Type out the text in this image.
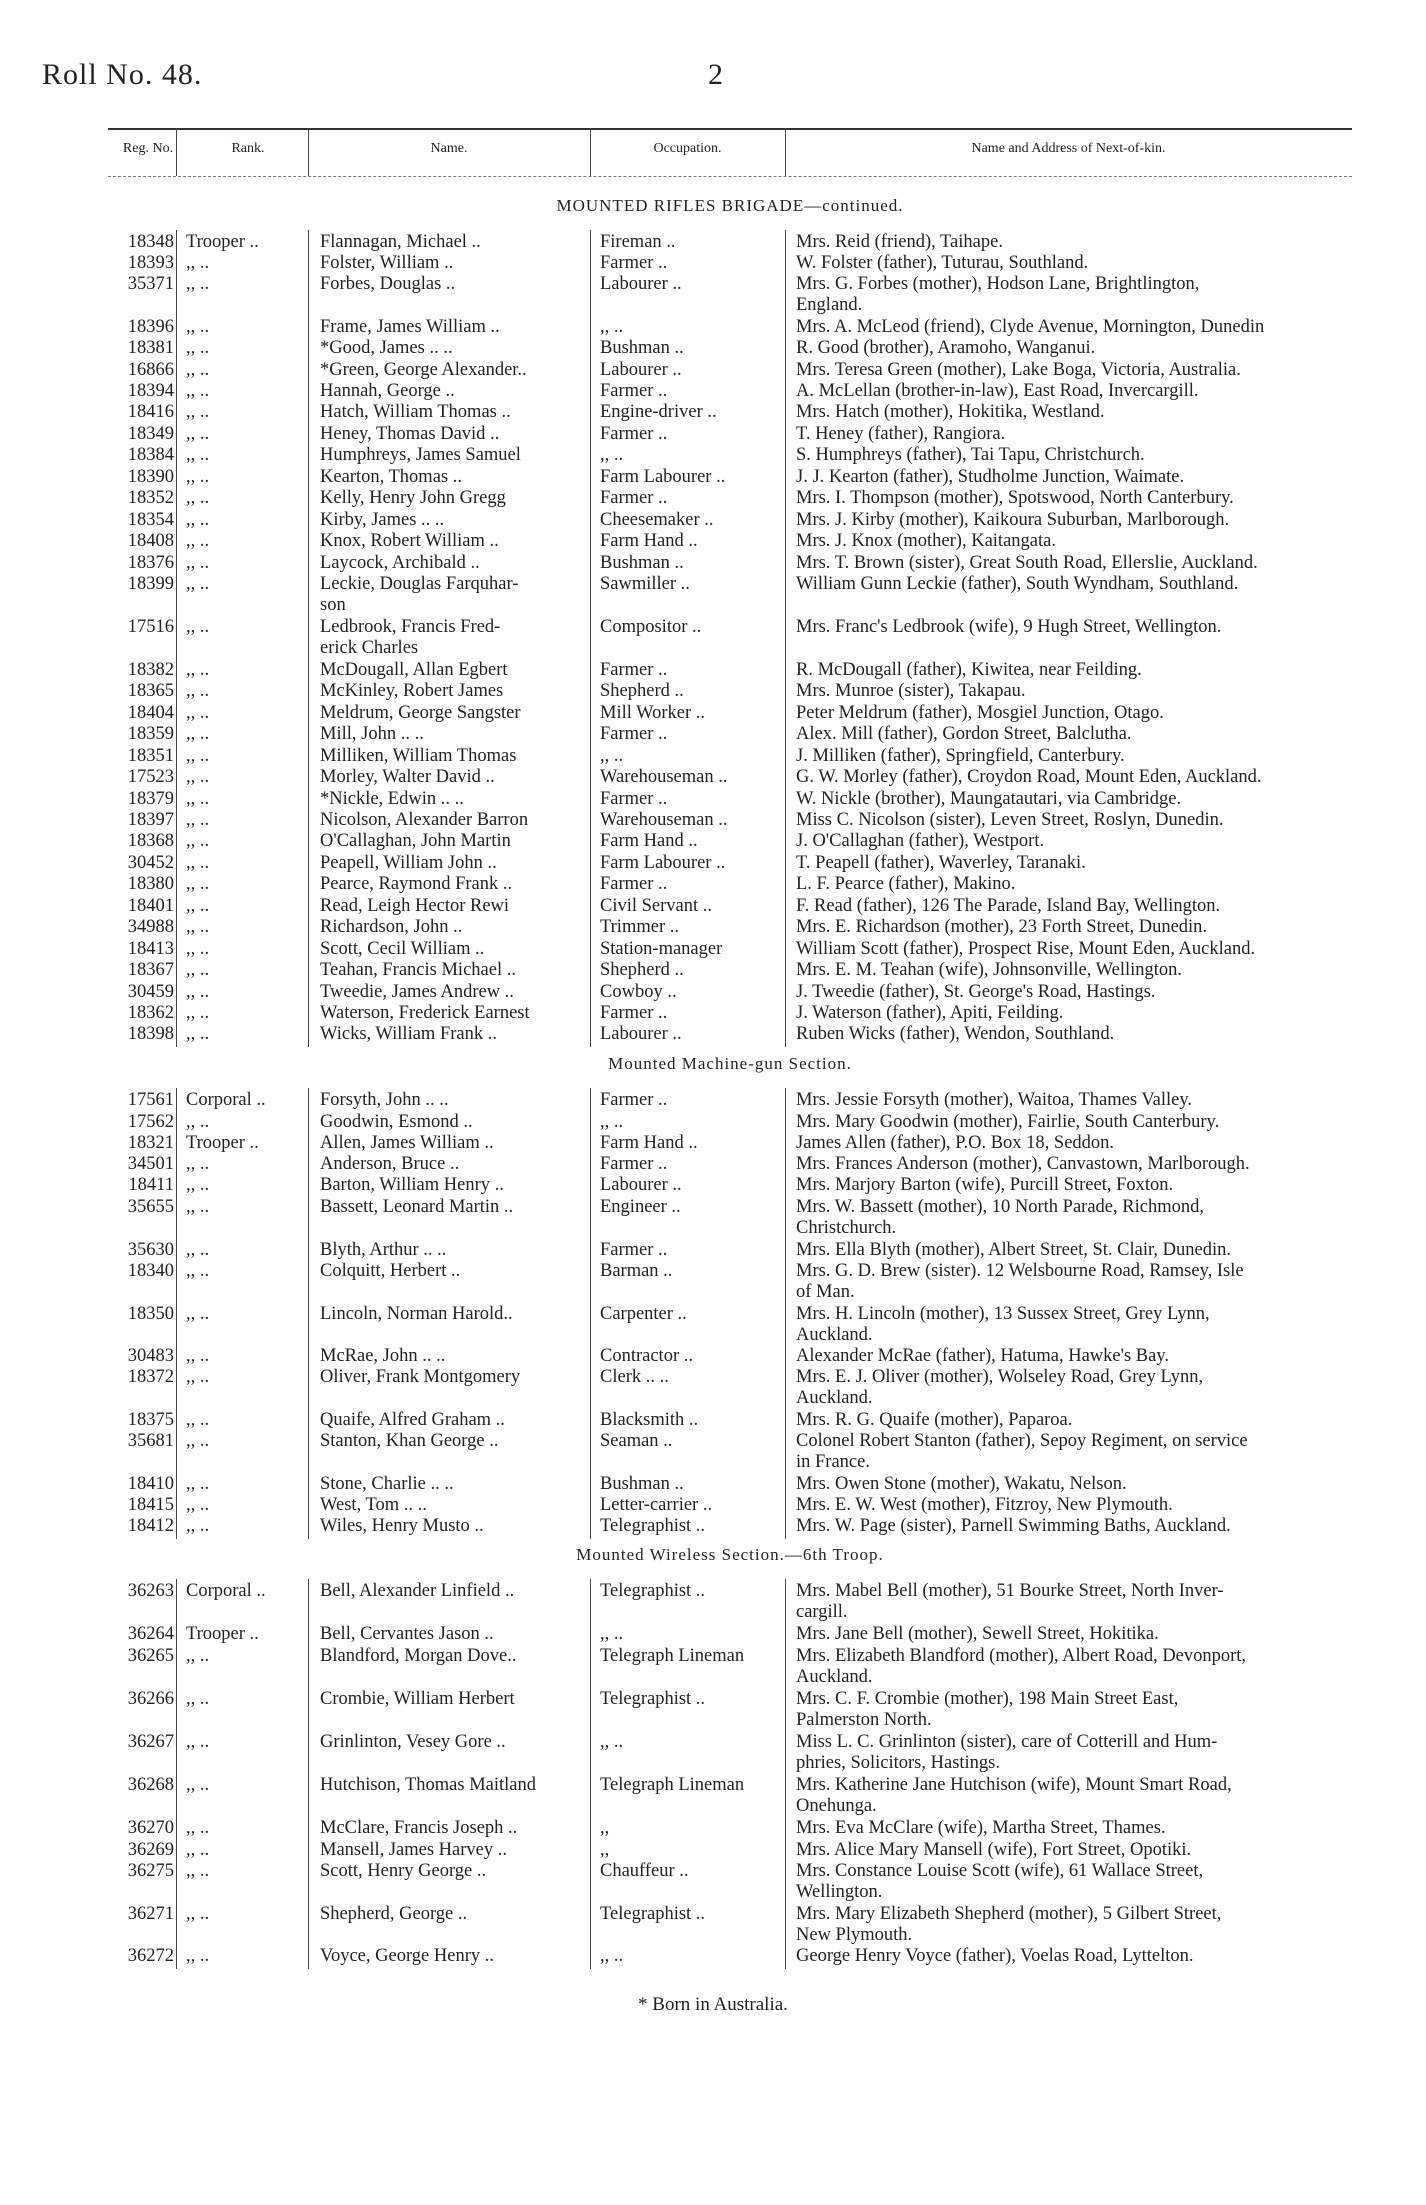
Roll No. 48.	2
Reg. No.	Rank.	Name.	Occupation.	Name and Address of Next-of-kin.
MOUNTED RIFLES BRIGADE—continued.
18348 Trooper ..	Flannagan, Michael ..	Fireman ..	Mrs. Reid (friend), Taihape.
18393 ,, ..	Folster, William ..	Farmer ..	W. Folster (father), Tuturau, Southland.
35371 ,, ..	Forbes, Douglas ..	Labourer ..	Mrs. G. Forbes (mother), Hodson Lane, Brightlington,
England.
18396 ,, ..	Frame, James William ..	,, ..	Mrs. A. McLeod (friend), Clyde Avenue, Mornington, Dunedin
18381 ,, ..	*Good, James .. ..	Bushman ..	R. Good (brother), Aramoho, Wanganui.
16866 ,, ..	*Green, George Alexander..	Labourer ..	Mrs. Teresa Green (mother), Lake Boga, Victoria, Australia.
18394 ,, ..	Hannah, George ..	Farmer ..	A. McLellan (brother-in-law), East Road, Invercargill.
18416 ,, ..	Hatch, William Thomas ..	Engine-driver ..	Mrs. Hatch (mother), Hokitika, Westland.
18349 ,, ..	Heney, Thomas David ..	Farmer ..	T. Heney (father), Rangiora.
18384 ,, ..	Humphreys, James Samuel	,, ..	S. Humphreys (father), Tai Tapu, Christchurch.
18390 ,, ..	Kearton, Thomas ..	Farm Labourer ..	J. J. Kearton (father), Studholme Junction, Waimate.
18352 ,, ..	Kelly, Henry John Gregg	Farmer ..	Mrs. I. Thompson (mother), Spotswood, North Canterbury.
18354 ,, ..	Kirby, James .. ..	Cheesemaker ..	Mrs. J. Kirby (mother), Kaikoura Suburban, Marlborough.
18408 ,, ..	Knox, Robert William ..	Farm Hand ..	Mrs. J. Knox (mother), Kaitangata.
18376 ,, ..	Laycock, Archibald ..	Bushman ..	Mrs. T. Brown (sister), Great South Road, Ellerslie, Auckland.
18399 ,, ..	Leckie, Douglas Farquhar-	Sawmiller ..	William Gunn Leckie (father), South Wyndham, Southland.
son
17516 ,, ..	Ledbrook, Francis Fred-	Compositor ..	Mrs. Franc's Ledbrook (wife), 9 Hugh Street, Wellington.
erick Charles
18382 ,, ..	McDougall, Allan Egbert	Farmer ..	R. McDougall (father), Kiwitea, near Feilding.
18365 ,, ..	McKinley, Robert James	Shepherd ..	Mrs. Munroe (sister), Takapau.
18404 ,, ..	Meldrum, George Sangster	Mill Worker ..	Peter Meldrum (father), Mosgiel Junction, Otago.
18359 ,, ..	Mill, John .. ..	Farmer ..	Alex. Mill (father), Gordon Street, Balclutha.
18351 ,, ..	Milliken, William Thomas	,, ..	J. Milliken (father), Springfield, Canterbury.
17523 ,, ..	Morley, Walter David ..	Warehouseman ..	G. W. Morley (father), Croydon Road, Mount Eden, Auckland.
18379 ,, ..	*Nickle, Edwin .. ..	Farmer ..	W. Nickle (brother), Maungatautari, via Cambridge.
18397 ,, ..	Nicolson, Alexander Barron	Warehouseman ..	Miss C. Nicolson (sister), Leven Street, Roslyn, Dunedin.
18368 ,, ..	O'Callaghan, John Martin	Farm Hand ..	J. O'Callaghan (father), Westport.
30452 ,, ..	Peapell, William John ..	Farm Labourer ..	T. Peapell (father), Waverley, Taranaki.
18380 ,, ..	Pearce, Raymond Frank ..	Farmer ..	L. F. Pearce (father), Makino.
18401 ,, ..	Read, Leigh Hector Rewi	Civil Servant ..	F. Read (father), 126 The Parade, Island Bay, Wellington.
34988 ,, ..	Richardson, John ..	Trimmer ..	Mrs. E. Richardson (mother), 23 Forth Street, Dunedin.
18413 ,, ..	Scott, Cecil William ..	Station-manager	William Scott (father), Prospect Rise, Mount Eden, Auckland.
18367 ,, ..	Teahan, Francis Michael ..	Shepherd ..	Mrs. E. M. Teahan (wife), Johnsonville, Wellington.
30459 ,, ..	Tweedie, James Andrew ..	Cowboy ..	J. Tweedie (father), St. George's Road, Hastings.
18362 ,, ..	Waterson, Frederick Earnest	Farmer ..	J. Waterson (father), Apiti, Feilding.
18398 ,, ..	Wicks, William Frank ..	Labourer ..	Ruben Wicks (father), Wendon, Southland.
Mounted Machine-gun Section.
17561 Corporal ..	Forsyth, John .. ..	Farmer ..	Mrs. Jessie Forsyth (mother), Waitoa, Thames Valley.
17562 ,, ..	Goodwin, Esmond ..	,, ..	Mrs. Mary Goodwin (mother), Fairlie, South Canterbury.
18321 Trooper ..	Allen, James William ..	Farm Hand ..	James Allen (father), P.O. Box 18, Seddon.
34501 ,, ..	Anderson, Bruce ..	Farmer ..	Mrs. Frances Anderson (mother), Canvastown, Marlborough.
18411 ,, ..	Barton, William Henry ..	Labourer ..	Mrs. Marjory Barton (wife), Purcill Street, Foxton.
35655 ,, ..	Bassett, Leonard Martin ..	Engineer ..	Mrs. W. Bassett (mother), 10 North Parade, Richmond,
Christchurch.
35630 ,, ..	Blyth, Arthur .. ..	Farmer ..	Mrs. Ella Blyth (mother), Albert Street, St. Clair, Dunedin.
18340 ,, ..	Colquitt, Herbert ..	Barman ..	Mrs. G. D. Brew (sister). 12 Welsbourne Road, Ramsey, Isle
of Man.
18350 ,, ..	Lincoln, Norman Harold..	Carpenter ..	Mrs. H. Lincoln (mother), 13 Sussex Street, Grey Lynn,
Auckland.
30483 ,, ..	McRae, John .. ..	Contractor ..	Alexander McRae (father), Hatuma, Hawke's Bay.
18372 ,, ..	Oliver, Frank Montgomery	Clerk .. ..	Mrs. E. J. Oliver (mother), Wolseley Road, Grey Lynn,
Auckland.
18375 ,, ..	Quaife, Alfred Graham ..	Blacksmith ..	Mrs. R. G. Quaife (mother), Paparoa.
35681 ,, ..	Stanton, Khan George ..	Seaman ..	Colonel Robert Stanton (father), Sepoy Regiment, on service
in France.
18410 ,, ..	Stone, Charlie .. ..	Bushman ..	Mrs. Owen Stone (mother), Wakatu, Nelson.
18415 ,, ..	West, Tom .. ..	Letter-carrier ..	Mrs. E. W. West (mother), Fitzroy, New Plymouth.
18412 ,, ..	Wiles, Henry Musto ..	Telegraphist ..	Mrs. W. Page (sister), Parnell Swimming Baths, Auckland.
Mounted Wireless Section.—6th Troop.
36263 Corporal ..	Bell, Alexander Linfield ..	Telegraphist ..	Mrs. Mabel Bell (mother), 51 Bourke Street, North Inver-
cargill.
36264 Trooper ..	Bell, Cervantes Jason ..	,, ..	Mrs. Jane Bell (mother), Sewell Street, Hokitika.
36265 ,, ..	Blandford, Morgan Dove..	Telegraph Lineman	Mrs. Elizabeth Blandford (mother), Albert Road, Devonport,
Auckland.
36266 ,, ..	Crombie, William Herbert	Telegraphist ..	Mrs. C. F. Crombie (mother), 198 Main Street East,
Palmerston North.
36267 ,, ..	Grinlinton, Vesey Gore ..	,, ..	Miss L. C. Grinlinton (sister), care of Cotterill and Hum-
phries, Solicitors, Hastings.
36268 ,, ..	Hutchison, Thomas Maitland	Telegraph Lineman	Mrs. Katherine Jane Hutchison (wife), Mount Smart Road,
Onehunga.
36270 ,, ..	McClare, Francis Joseph ..	,,	Mrs. Eva McClare (wife), Martha Street, Thames.
36269 ,, ..	Mansell, James Harvey ..	,,	Mrs. Alice Mary Mansell (wife), Fort Street, Opotiki.
36275 ,, ..	Scott, Henry George ..	Chauffeur ..	Mrs. Constance Louise Scott (wife), 61 Wallace Street,
Wellington.
36271 ,, ..	Shepherd, George ..	Telegraphist ..	Mrs. Mary Elizabeth Shepherd (mother), 5 Gilbert Street,
New Plymouth.
36272 ,, ..	Voyce, George Henry ..	,, ..	George Henry Voyce (father), Voelas Road, Lyttelton.
* Born in Australia.
